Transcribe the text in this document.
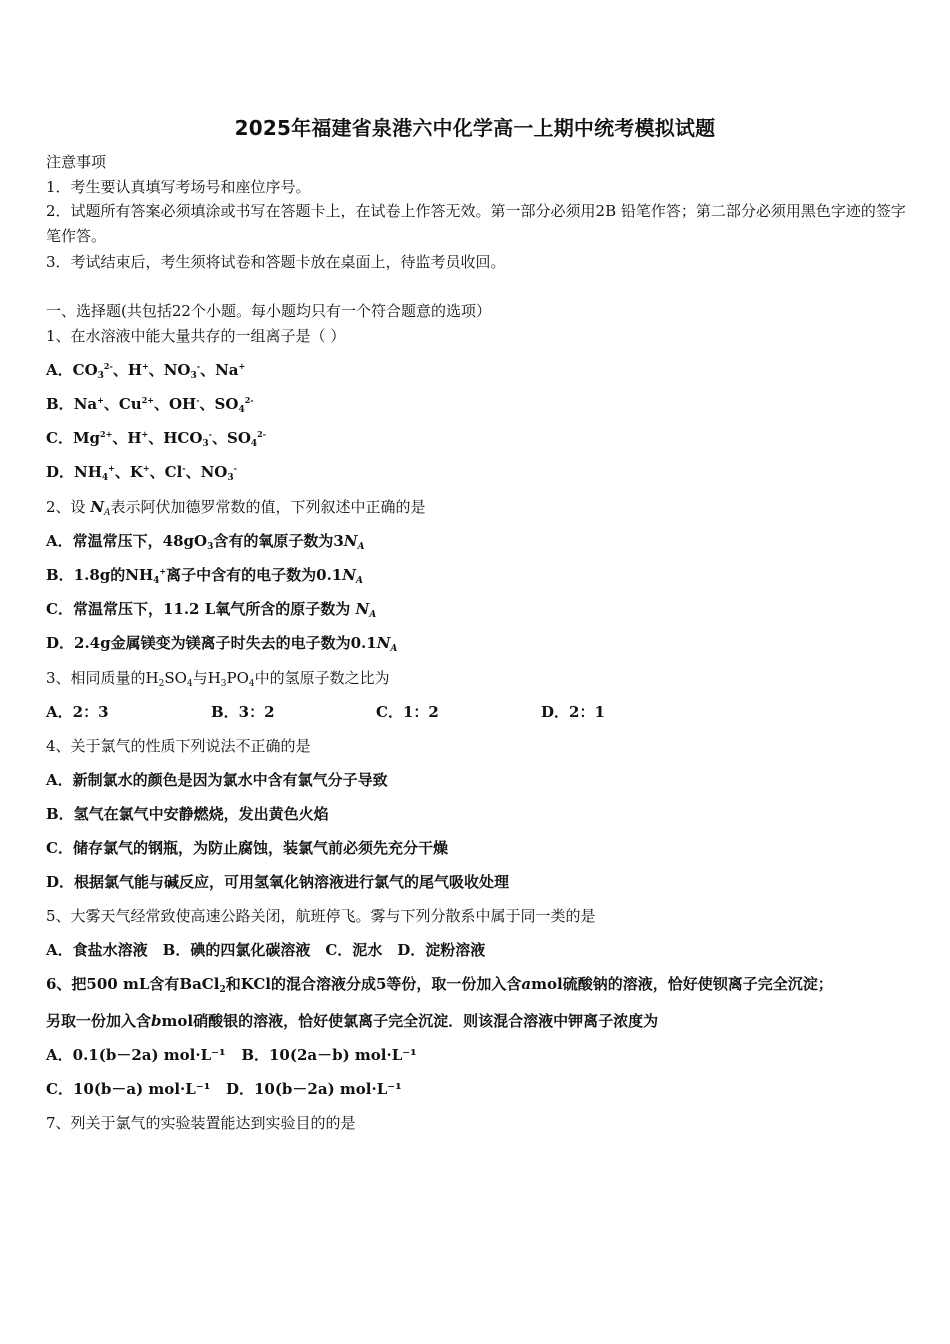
2025年福建省泉港六中化学高一上期中统考模拟试题
注意事项
1．考生要认真填写考场号和座位序号。
2．试题所有答案必须填涂或书写在答题卡上，在试卷上作答无效。第一部分必须用2B 铅笔作答；第二部分必须用黑色字迹的签字笔作答。
3．考试结束后，考生须将试卷和答题卡放在桌面上，待监考员收回。
一、选择题(共包括22个小题。每小题均只有一个符合题意的选项）
1、在水溶液中能大量共存的一组离子是（ ）
A．$CO_3^{2-}$、H+、$NO_3^-$、Na+
B．Na+、$Cu^{2+}$、OH-、$SO_4^{2-}$
C．$Mg^{2+}$、H+、$HCO_3^-$、$SO_4^{2-}$
D．$NH_4^+$、K+、Cl-、$NO_3^-$
2、设 $N_A$表示阿伏加德罗常数的值，下列叙述中正确的是
A．常温常压下，$48gO_3$含有的氧原子数为$3N_A$
B．1.8g的$NH_4^+$离子中含有的电子数为$0.1N_A$
C．常温常压下，11.2 L氧气所含的原子数为 $N_A$
D．2.4g金属镁变为镁离子时失去的电子数为$0.1N_A$
3、相同质量的$H_2SO_4$与$H_3PO_4$中的氢原子数之比为
A．2：3	B．3：2	C．1：2	D．2：1
4、关于氯气的性质下列说法不正确的是
A．新制氯水的颜色是因为氯水中含有氯气分子导致
B．氢气在氯气中安静燃烧，发出黄色火焰
C．储存氯气的钢瓶，为防止腐蚀，装氯气前必须先充分干燥
D．根据氯气能与碱反应，可用氢氧化钠溶液进行氯气的尾气吸收处理
5、大雾天气经常致使高速公路关闭，航班停飞。雾与下列分散系中属于同一类的是
A．食盐水溶液　B．碘的四氯化碳溶液　C．泥水　D．淀粉溶液
6、把500 mL含有BaCl$_2$和KCl的混合溶液分成5等份，取一份加入含amol硫酸钠的溶液，恰好使钡离子完全沉淀；
另取一份加入含bmol硝酸银的溶液，恰好使氯离子完全沉淀．则该混合溶液中钾离子浓度为
A．0.1(b－2a) mol·L⁻¹ B．10(2a－b) mol·L⁻¹
C．10(b－a) mol·L⁻¹ D．10(b－2a) mol·L⁻¹
7、列关于氯气的实验装置能达到实验目的的是
